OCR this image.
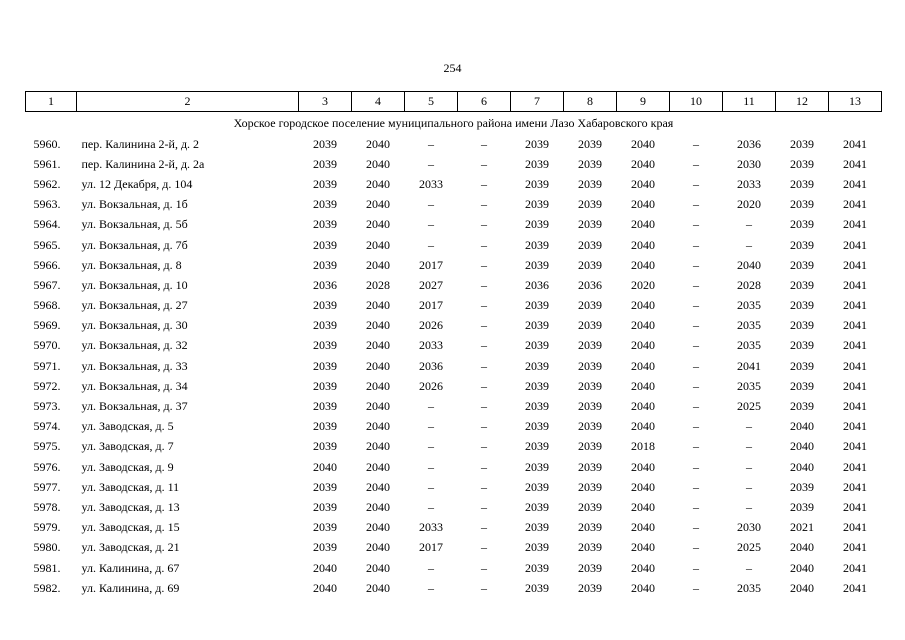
254
1	2	3	4	5	6	7	8	9	10	11	12	13
Хорское городское поселение муниципального района имени Лазо Хабаровского края												
5960.	пер. Калинина 2-й, д. 2	2039	2040	–	–	2039	2039	2040	–	2036	2039	2041
5961.	пер. Калинина 2-й, д. 2а	2039	2040	–	–	2039	2039	2040	–	2030	2039	2041
5962.	ул. 12 Декабря, д. 104	2039	2040	2033	–	2039	2039	2040	–	2033	2039	2041
5963.	ул. Вокзальная, д. 1б	2039	2040	–	–	2039	2039	2040	–	2020	2039	2041
5964.	ул. Вокзальная, д. 5б	2039	2040	–	–	2039	2039	2040	–	–	2039	2041
5965.	ул. Вокзальная, д. 7б	2039	2040	–	–	2039	2039	2040	–	–	2039	2041
5966.	ул. Вокзальная, д. 8	2039	2040	2017	–	2039	2039	2040	–	2040	2039	2041
5967.	ул. Вокзальная, д. 10	2036	2028	2027	–	2036	2036	2020	–	2028	2039	2041
5968.	ул. Вокзальная, д. 27	2039	2040	2017	–	2039	2039	2040	–	2035	2039	2041
5969.	ул. Вокзальная, д. 30	2039	2040	2026	–	2039	2039	2040	–	2035	2039	2041
5970.	ул. Вокзальная, д. 32	2039	2040	2033	–	2039	2039	2040	–	2035	2039	2041
5971.	ул. Вокзальная, д. 33	2039	2040	2036	–	2039	2039	2040	–	2041	2039	2041
5972.	ул. Вокзальная, д. 34	2039	2040	2026	–	2039	2039	2040	–	2035	2039	2041
5973.	ул. Вокзальная, д. 37	2039	2040	–	–	2039	2039	2040	–	2025	2039	2041
5974.	ул. Заводская, д. 5	2039	2040	–	–	2039	2039	2040	–	–	2040	2041
5975.	ул. Заводская, д. 7	2039	2040	–	–	2039	2039	2018	–	–	2040	2041
5976.	ул. Заводская, д. 9	2040	2040	–	–	2039	2039	2040	–	–	2040	2041
5977.	ул. Заводская, д. 11	2039	2040	–	–	2039	2039	2040	–	–	2039	2041
5978.	ул. Заводская, д. 13	2039	2040	–	–	2039	2039	2040	–	–	2039	2041
5979.	ул. Заводская, д. 15	2039	2040	2033	–	2039	2039	2040	–	2030	2021	2041
5980.	ул. Заводская, д. 21	2039	2040	2017	–	2039	2039	2040	–	2025	2040	2041
5981.	ул. Калинина, д. 67	2040	2040	–	–	2039	2039	2040	–	–	2040	2041
5982.	ул. Калинина, д. 69	2040	2040	–	–	2039	2039	2040	–	2035	2040	2041
